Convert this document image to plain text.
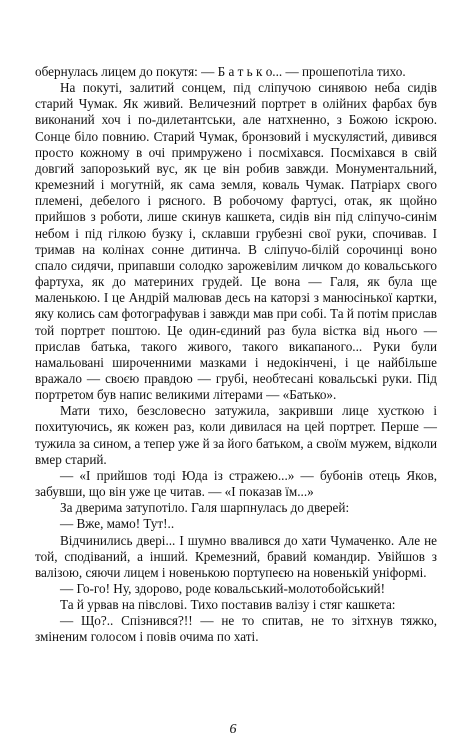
обернулась лицем до покутя: — Б а т ь к о... — прошепотіла тихо.

На покуті, залитий сонцем, під сліпучою синявою неба сидів старий Чумак. Як живий. Величезний портрет в олійних фарбах був виконаний хоч і по-дилетантськи, але натхненно, з Божою іскрою. Сонце біло повнию. Старий Чумак, бронзовий і мускулястий, дивився просто кожному в очі примружено і посміхався. Посміхався в свій довгий запорозький вус, як це він робив завжди. Монументальний, кремезний і могутній, як сама земля, коваль Чумак. Патріарх свого племені, дебелого і рясного. В робочому фартусі, отак, як щойно прийшов з роботи, лише скинув кашкета, сидів він під сліпучо-синім небом і під гілкою бузку і, склавши грубезні свої руки, спочивав. І тримав на колінах сонне дитинча. В сліпучо-білій сорочинці воно спало сидячи, припавши солодко зарожевілим личком до ковальського фартуха, як до материних грудей. Це вона — Галя, як була ще маленькою. І це Андрій малював десь на каторзі з манюсінької картки, яку колись сам фотографував і завжди мав при собі. Та й потім прислав той портрет поштою. Це один-єдиний раз була вістка від нього — прислав батька, такого живого, такого викапаного... Руки були намальовані широченними мазками і недокінчені, і це найбільше вражало — своєю правдою — грубі, необтесані ковальські руки. Під портретом був напис великими літерами — «Батько».

Мати тихо, безсловесно затужила, закривши лице хусткою і похитуючись, як кожен раз, коли дивилася на цей портрет. Перше — тужила за сином, а тепер уже й за його батьком, а своїм мужем, відколи вмер старий.

— «І прийшов тоді Юда із стражею...» — бубонів отець Яков, забувши, що він уже це читав. — «І показав їм...»

За дверима затупотіло. Галя шарпнулась до дверей:

— Вже, мамо! Тут!..

Відчинились двері... І шумно ввалився до хати Чумаченко. Але не той, сподіваний, а інший. Кремезний, бравий командир. Увійшов з валізою, сяючи лицем і новенькою портупеєю на новенькій уніформі.

— Го-го! Ну, здорово, роде ковальський-молотобойський!

Та й урвав на півслові. Тихо поставив валізу і стяг кашкета:

— Що?.. Спізнився?!! — не то спитав, не то зітхнув тяжко, зміненим голосом і повів очима по хаті.

6
